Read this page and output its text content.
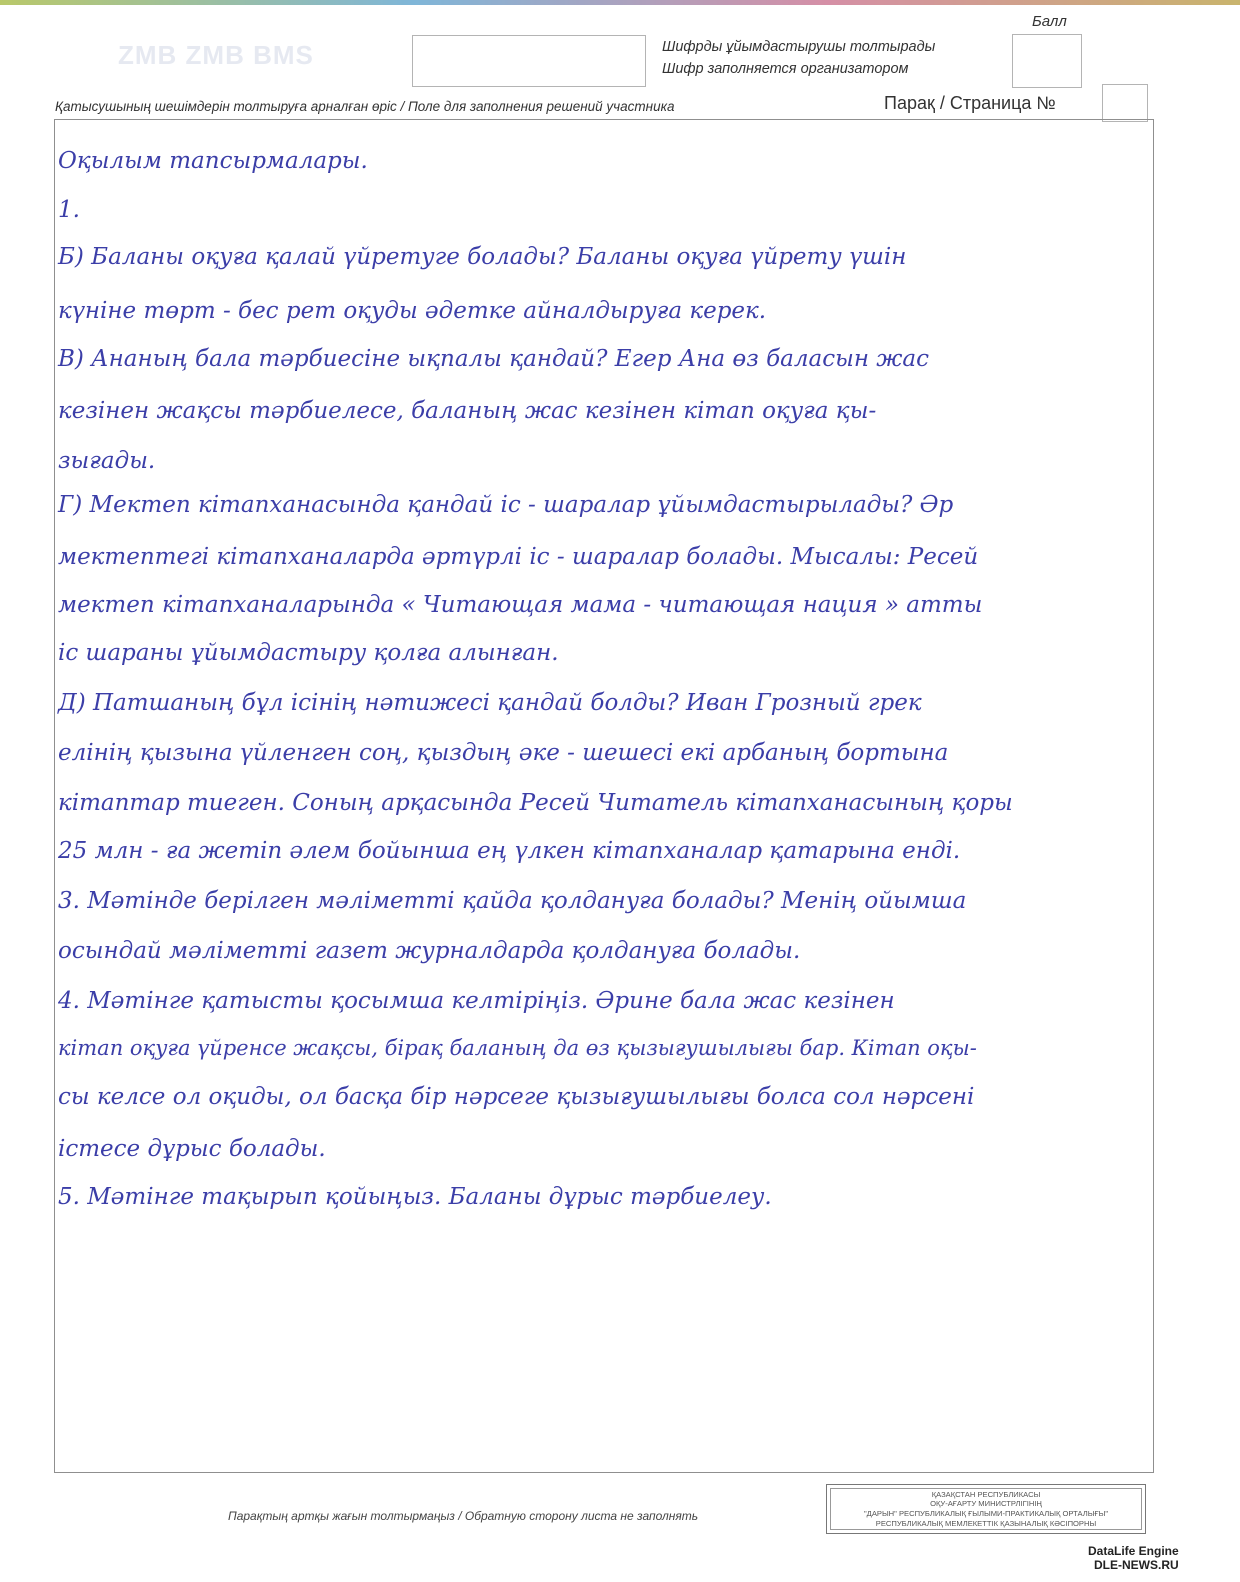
ZMB ZMB BMS	Шифрды ұйымдастырушы толтырады
Шифр заполняется организатором
Балл
Қатысушының шешімдерін толтыруға арналған өріс / Поле для заполнения решений участника	Парақ / Страница №
Оқылым тапсырмалары.
1.
Б) Баланы оқуға қалай үйретуге болады? Баланы оқуға үйрету үшін
күніне төрт - бес рет оқуды әдетке айналдыруға керек.
В) Ананың бала тәрбиесіне ықпалы қандай? Егер Ана өз баласын жас
кезінен жақсы тәрбиелесе, баланың жас кезінен кітап оқуға қы-
зығады.
Г) Мектеп кітапханасында қандай іс - шаралар ұйымдастырылады? Әр
мектептегі кітапханаларда әртүрлі іс - шаралар болады. Мысалы: Ресей
мектеп кітапханаларында « Читающая мама - читающая нация » атты
іс шараны ұйымдастыру қолға алынған.
Д) Патшаның бұл ісінің нәтижесі қандай болды? Иван Грозный грек
елінің қызына үйленген соң, қыздың әке - шешесі екі арбаның бортына
кітаптар тиеген. Соның арқасында Ресей Читатель кітапханасының қоры
25 млн - ға жетіп әлем бойынша ең үлкен кітапханалар қатарына енді.
3. Мәтінде берілген мәліметті қайда қолдануға болады? Менің ойымша
осындай мәліметті газет журналдарда қолдануға болады.
4. Мәтінге қатысты қосымша келтіріңіз. Әрине бала жас кезінен
кітап оқуға үйренсе жақсы, бірақ баланың да өз қызығушылығы бар. Кітап оқы-
сы келсе ол оқиды, ол басқа бір нәрсеге қызығушылығы болса сол нәрсені
істесе дұрыс болады.
5. Мәтінге тақырып қойыңыз. Баланы дұрыс тәрбиелеу.
Парақтың артқы жағын толтырмаңыз / Обратную сторону листа не заполнять
ҚАЗАҚСТАН РЕСПУБЛИКАСЫ
ОҚУ-АҒАРТУ МИНИСТРЛІГІНІҢ
"ДАРЫН" РЕСПУБЛИКАЛЫҚ ҒЫЛЫМИ-ПРАКТИКАЛЫҚ ОРТАЛЫҒЫ"
РЕСПУБЛИКАЛЫҚ МЕМЛЕКЕТТІК ҚАЗЫНАЛЫҚ КӘСІПОРНЫ
DataLife Engine
DLE-NEWS.RU
